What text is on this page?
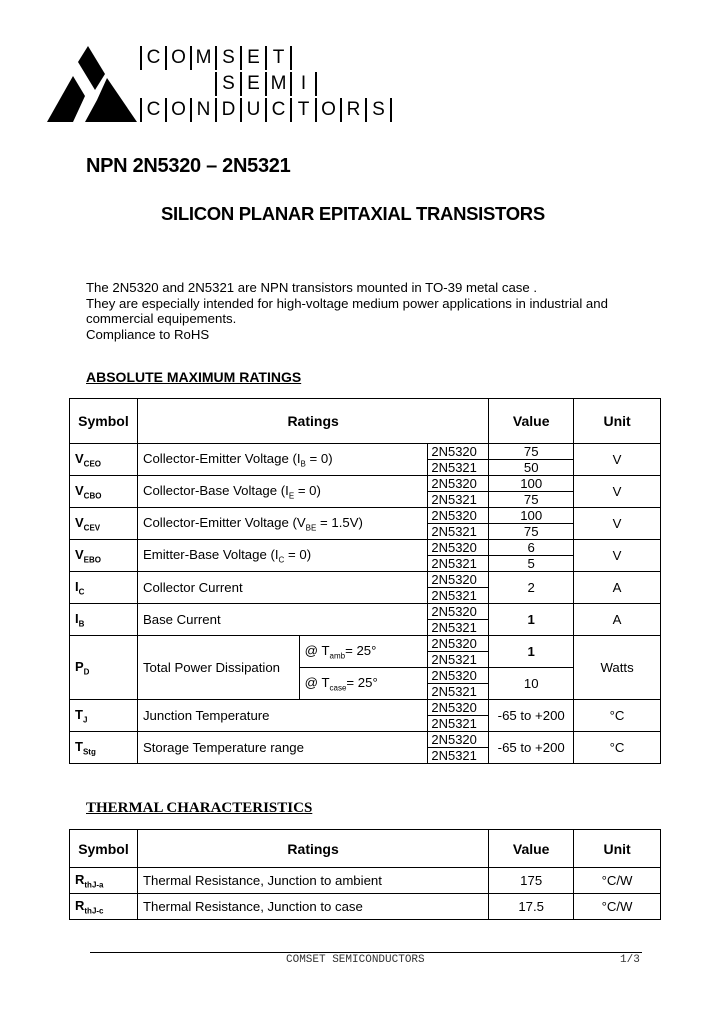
C O M S E T
S E M I
C O N D U C T O R S
NPN 2N5320 – 2N5321
SILICON PLANAR EPITAXIAL TRANSISTORS
The 2N5320 and 2N5321 are NPN transistors mounted in TO-39 metal case .
They are especially intended for high-voltage medium power applications in industrial and
commercial equipements.
Compliance to RoHS
ABSOLUTE MAXIMUM RATINGS
Symbol	Ratings			Value	Unit
$V_{CEO}$	Collector-Emitter Voltage $(I_B = 0)$		2N5320	75	V
			2N5321	50	
$V_{CBO}$	Collector-Base Voltage $(I_E = 0)$		2N5320	100	V
			2N5321	75	
$V_{CEV}$	Collector-Emitter Voltage $(V_{BE} = 1.5V)$		2N5320	100	V
			2N5321	75	
$V_{EBO}$	Emitter-Base Voltage $(I_C = 0)$		2N5320	6	V
			2N5321	5	
$I_C$	Collector Current		2N5320	2	A
			2N5321		
$I_B$	Base Current		2N5320	1	A
			2N5321		
$P_D$	Total Power Dissipation	@ $T_{amb}= 25^\circ$	2N5320	1	Watts
			2N5321		
		@ $T_{case}= 25^\circ$	2N5320	10	
			2N5321		
$T_J$	Junction Temperature		2N5320	-65 to +200	°C
			2N5321		
$T_{Stg}$	Storage Temperature range		2N5320	-65 to +200	°C
			2N5321		
THERMAL CHARACTERISTICS
Symbol	Ratings	Value	Unit
$R_{thJ-a}$	Thermal Resistance, Junction to ambient	175	°C/W
$R_{thJ-c}$	Thermal Resistance, Junction to case	17.5	°C/W
COMSET SEMICONDUCTORS	1/3
